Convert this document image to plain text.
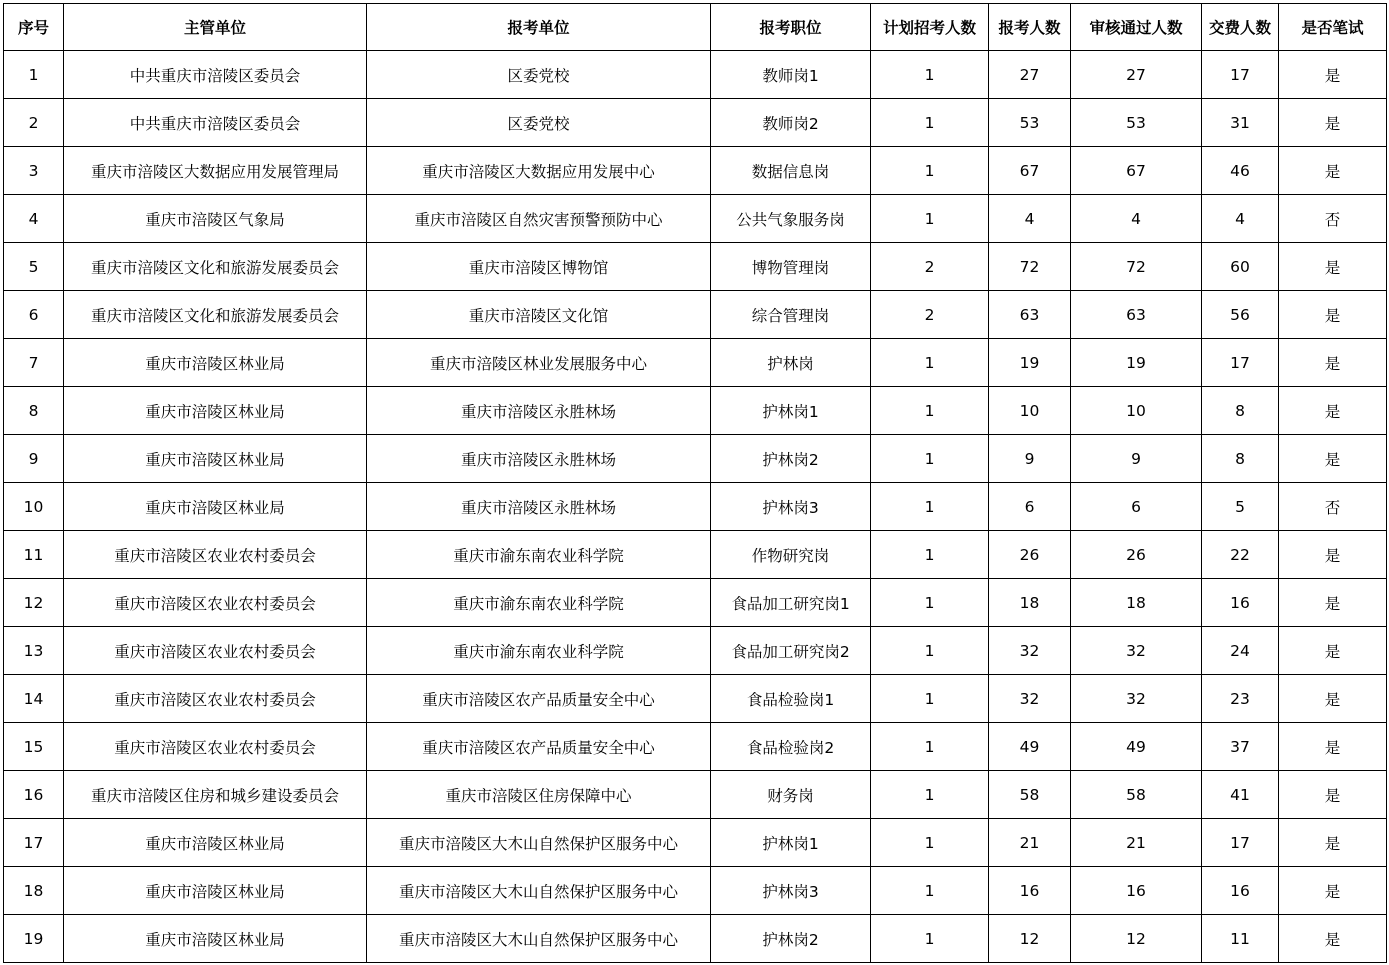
序号	主管单位	报考单位	报考职位	计划招考人数	报考人数	审核通过人数	交费人数	是否笔试
1	中共重庆市涪陵区委员会	区委党校	教师岗1	1	27	27	17	是
2	中共重庆市涪陵区委员会	区委党校	教师岗2	1	53	53	31	是
3	重庆市涪陵区大数据应用发展管理局	重庆市涪陵区大数据应用发展中心	数据信息岗	1	67	67	46	是
4	重庆市涪陵区气象局	重庆市涪陵区自然灾害预警预防中心	公共气象服务岗	1	4	4	4	否
5	重庆市涪陵区文化和旅游发展委员会	重庆市涪陵区博物馆	博物管理岗	2	72	72	60	是
6	重庆市涪陵区文化和旅游发展委员会	重庆市涪陵区文化馆	综合管理岗	2	63	63	56	是
7	重庆市涪陵区林业局	重庆市涪陵区林业发展服务中心	护林岗	1	19	19	17	是
8	重庆市涪陵区林业局	重庆市涪陵区永胜林场	护林岗1	1	10	10	8	是
9	重庆市涪陵区林业局	重庆市涪陵区永胜林场	护林岗2	1	9	9	8	是
10	重庆市涪陵区林业局	重庆市涪陵区永胜林场	护林岗3	1	6	6	5	否
11	重庆市涪陵区农业农村委员会	重庆市渝东南农业科学院	作物研究岗	1	26	26	22	是
12	重庆市涪陵区农业农村委员会	重庆市渝东南农业科学院	食品加工研究岗1	1	18	18	16	是
13	重庆市涪陵区农业农村委员会	重庆市渝东南农业科学院	食品加工研究岗2	1	32	32	24	是
14	重庆市涪陵区农业农村委员会	重庆市涪陵区农产品质量安全中心	食品检验岗1	1	32	32	23	是
15	重庆市涪陵区农业农村委员会	重庆市涪陵区农产品质量安全中心	食品检验岗2	1	49	49	37	是
16	重庆市涪陵区住房和城乡建设委员会	重庆市涪陵区住房保障中心	财务岗	1	58	58	41	是
17	重庆市涪陵区林业局	重庆市涪陵区大木山自然保护区服务中心	护林岗1	1	21	21	17	是
18	重庆市涪陵区林业局	重庆市涪陵区大木山自然保护区服务中心	护林岗3	1	16	16	16	是
19	重庆市涪陵区林业局	重庆市涪陵区大木山自然保护区服务中心	护林岗2	1	12	12	11	是
